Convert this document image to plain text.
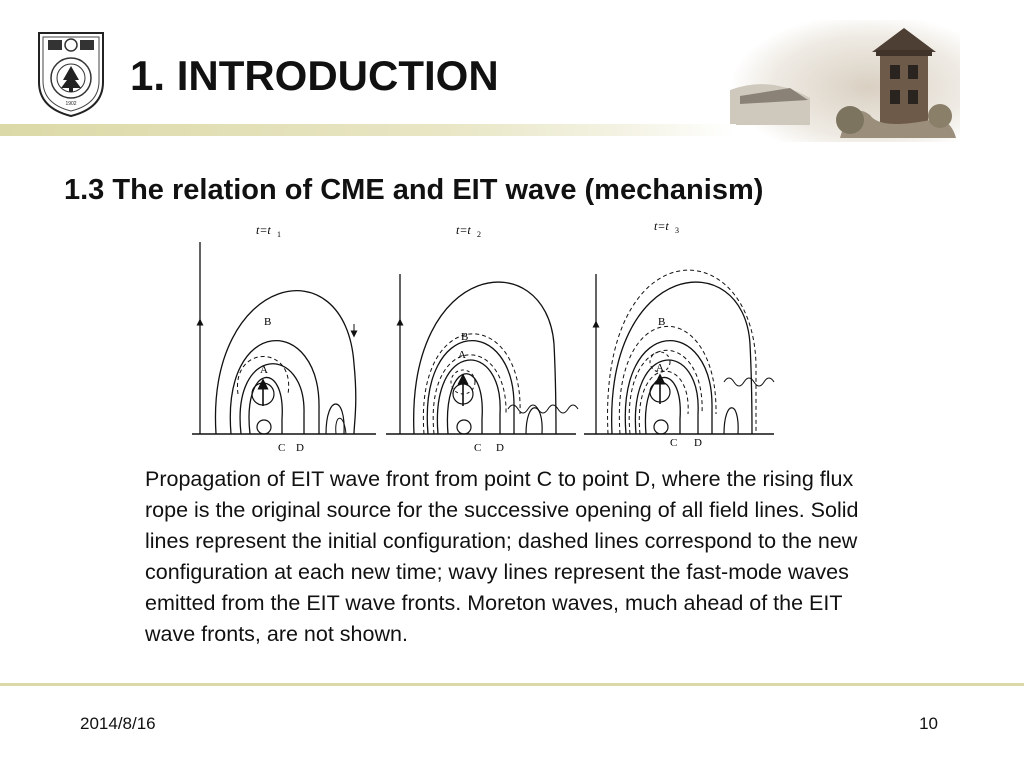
1902
1. INTRODUCTION
1.3 The relation of CME and EIT wave (mechanism)
t=t 1
B
A
C D
t=t 2
B
A
C D
t=t 3
B
A
C D

Propagation of EIT wave front from point C to point D, where the rising flux rope is the original source for the successive opening of all field lines. Solid lines represent the initial configuration; dashed lines correspond to the new configuration at each new time; wavy lines represent the fast-mode waves emitted from the EIT wave fronts. Moreton waves, much ahead of the EIT wave fronts, are not shown.

2014/8/16	10
